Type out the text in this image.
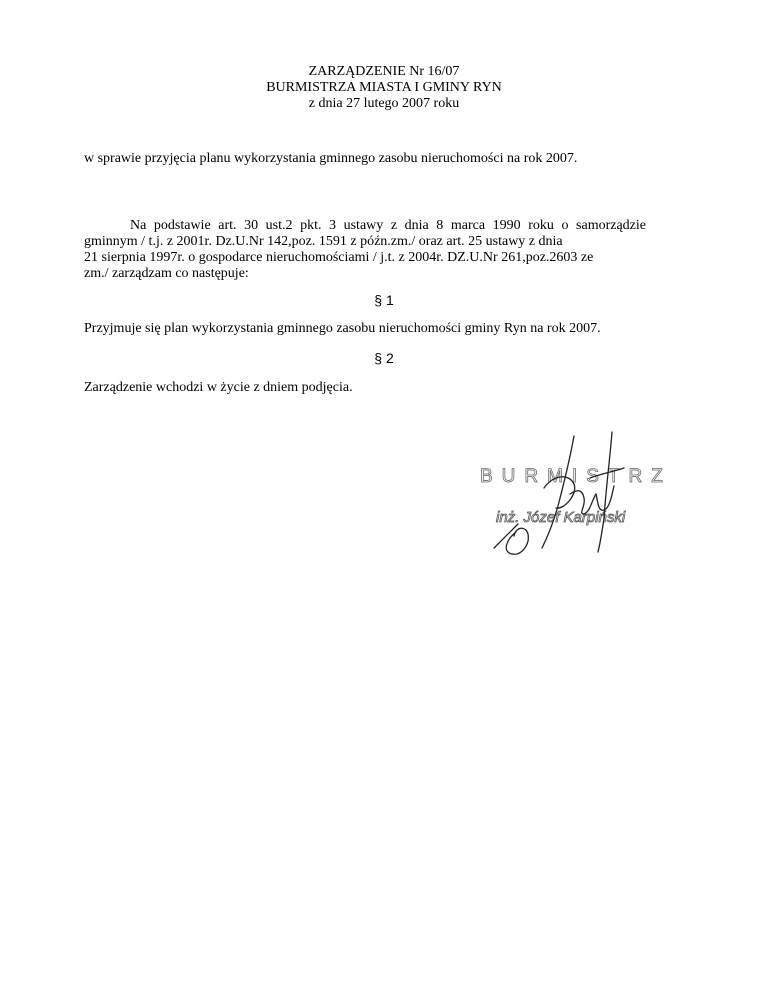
ZARZĄDZENIE Nr 16/07
BURMISTRZA MIASTA I GMINY RYN
z dnia 27 lutego 2007 roku
w sprawie przyjęcia planu wykorzystania gminnego zasobu nieruchomości na rok 2007.
Na podstawie art. 30 ust.2 pkt. 3 ustawy z dnia 8 marca 1990 roku o samorządzie
gminnym / t.j. z 2001r. Dz.U.Nr 142,poz. 1591 z późn.zm./ oraz art. 25 ustawy z dnia
21 sierpnia 1997r. o gospodarce nieruchomościami / j.t. z 2004r. DZ.U.Nr 261,poz.2603 ze
zm./ zarządzam co następuje:
§ 1
Przyjmuje się plan wykorzystania gminnego zasobu nieruchomości gminy Ryn na rok 2007.
§ 2
Zarządzenie wchodzi w życie z dniem podjęcia.
BURMISTRZ
inż. Józef Karpiński
